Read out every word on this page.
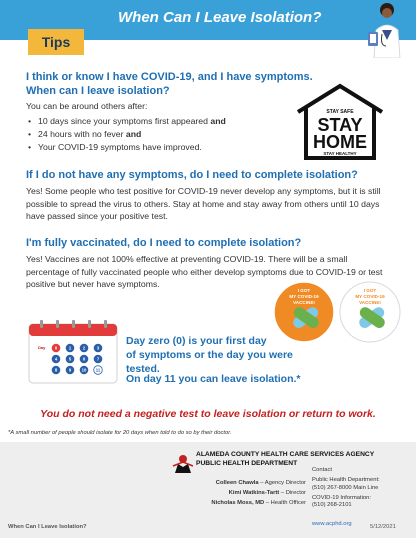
Tips
When Can I Leave Isolation?
I think or know I have COVID-19, and I have symptoms.
When can I leave isolation?
You can be around others after:
• 10 days since your symptoms first appeared and
• 24 hours with no fever and
• Your COVID-19 symptoms have improved.
STAY SAFE
STAY
HOME
STAY HEALTHY
If I do not have any symptoms, do I need to complete isolation?
Yes! Some people who test positive for COVID-19 never develop any symptoms, but it is still possible to spread the virus to others. Stay at home and stay away from others until 10 days have passed since your positive test.
I'm fully vaccinated, do I need to complete isolation?
Yes! Vaccines are not 100% effective at preventing COVID-19. There will be a small percentage of fully vaccinated people who either develop symptoms due to COVID-19 or test positive but never have symptoms.
I GOT
MY COVID-19
VACCINE!
I GOT
MY COVID-19
VACCINE!
Day 0	1	2	3
4	5	6	7
8	9 10 11
Day zero (0) is your first day
of symptoms or the day you were tested.
On day 11 you can leave isolation.*
You do not need a negative test to leave isolation or return to work.
*A small number of people should isolate for 20 days when told to do so by their doctor.
ALAMEDA COUNTY HEALTH CARE SERVICES AGENCY
PUBLIC HEALTH DEPARTMENT
Colleen Chawla – Agency Director
Kimi Watkins-Tartt – Director
Nicholas Moss, MD – Health Officer
Contact
Public Health Department:
(510) 267-8000 Main Line
COVID-19 Information:
(510) 268-2101
www.acphd.org
When Can I Leave Isolation?	5/12/2021
